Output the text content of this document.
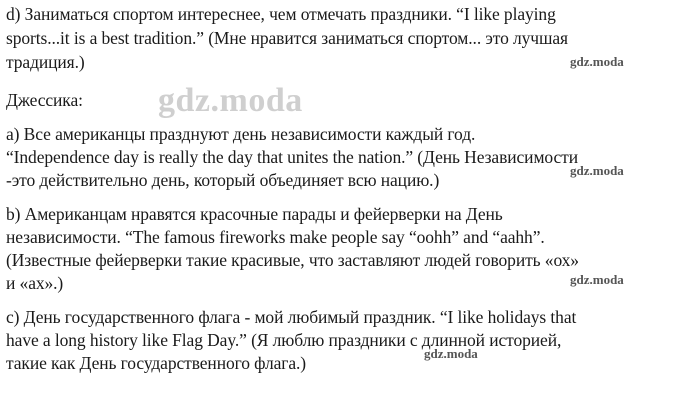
d) Заниматься спортом интереснее, чем отмечать праздники. “I like playing
sports...it is a best tradition.” (Мне нравится заниматься спортом... это лучшая
традиция.)
Джессика:
a) Все американцы празднуют день независимости каждый год.
“Independence day is really the day that unites the nation.” (День Независимости
-это действительно день, который объединяет всю нацию.)
b) Американцам нравятся красочные парады и фейерверки на День
независимости. “The famous fireworks make people say “oohh” and “aahh”.
(Известные фейерверки такие красивые, что заставляют людей говорить «ох»
и «ах».)
c) День государственного флага - мой любимый праздник. “I like holidays that
have a long history like Flag Day.” (Я люблю праздники с длинной историей,
такие как День государственного флага.)
gdz.moda
gdz.moda
gdz.moda
gdz.moda
gdz.moda
